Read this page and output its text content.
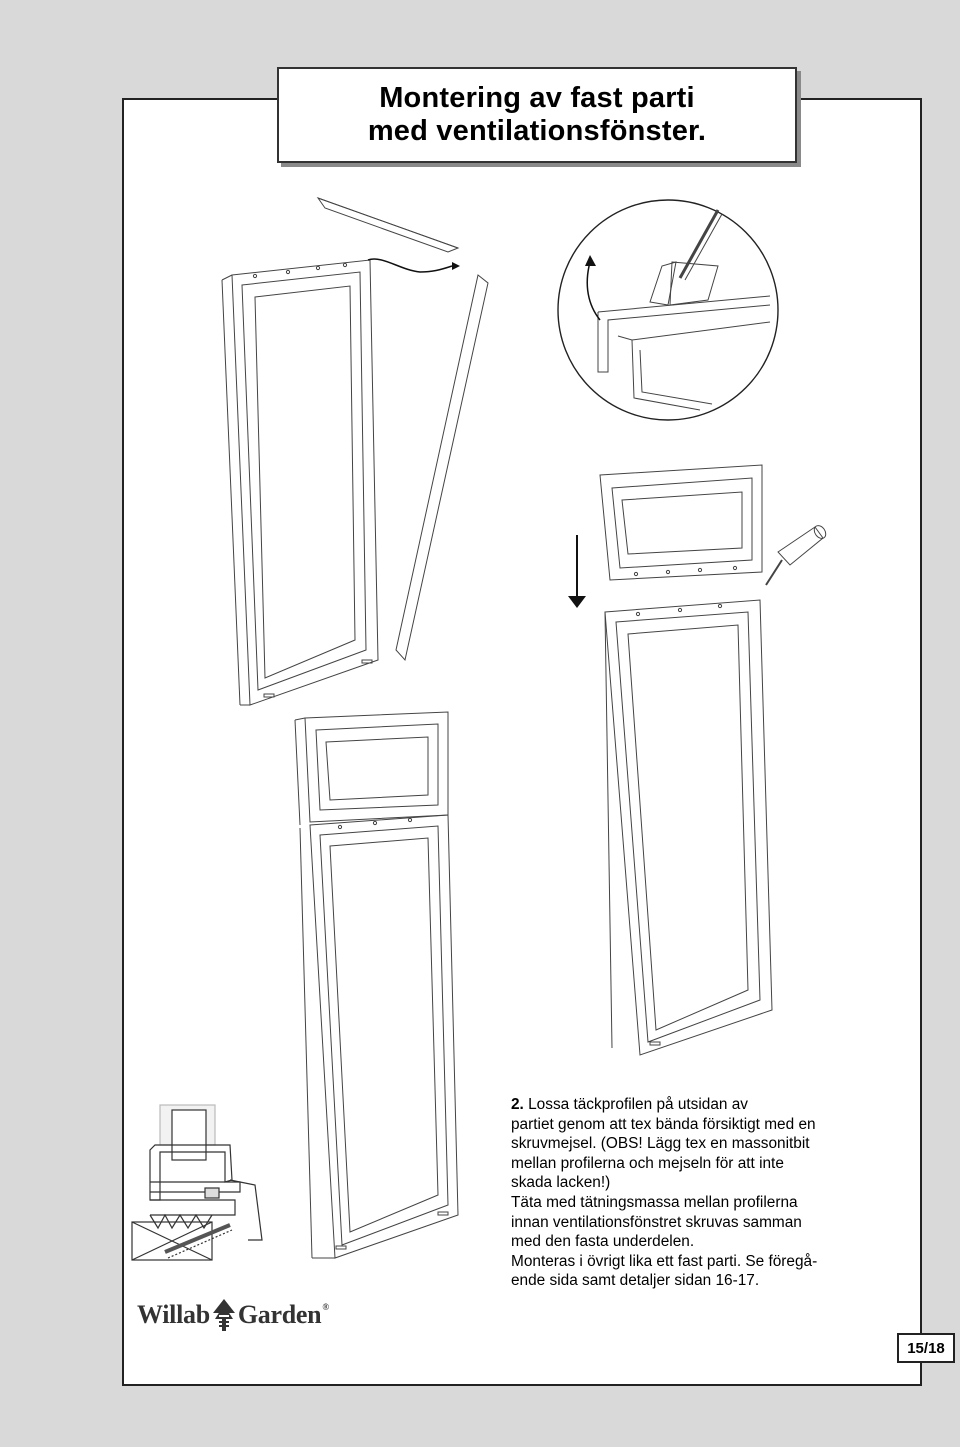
Montering av fast parti
med ventilationsfönster.

2. Lossa täckprofilen på utsidan av

partiet genom att tex bända försiktigt med en

skruvmejsel. (OBS! Lägg tex en massonitbit

mellan profilerna och mejseln för att inte

skada lacken!)

Täta med tätningsmassa mellan profilerna

innan ventilationsfönstret skruvas samman

med den fasta underdelen.

Monteras i övrigt lika ett fast parti. Se föregå-

ende sida samt detaljer sidan 16-17.

Willab Garden ®
15/18
